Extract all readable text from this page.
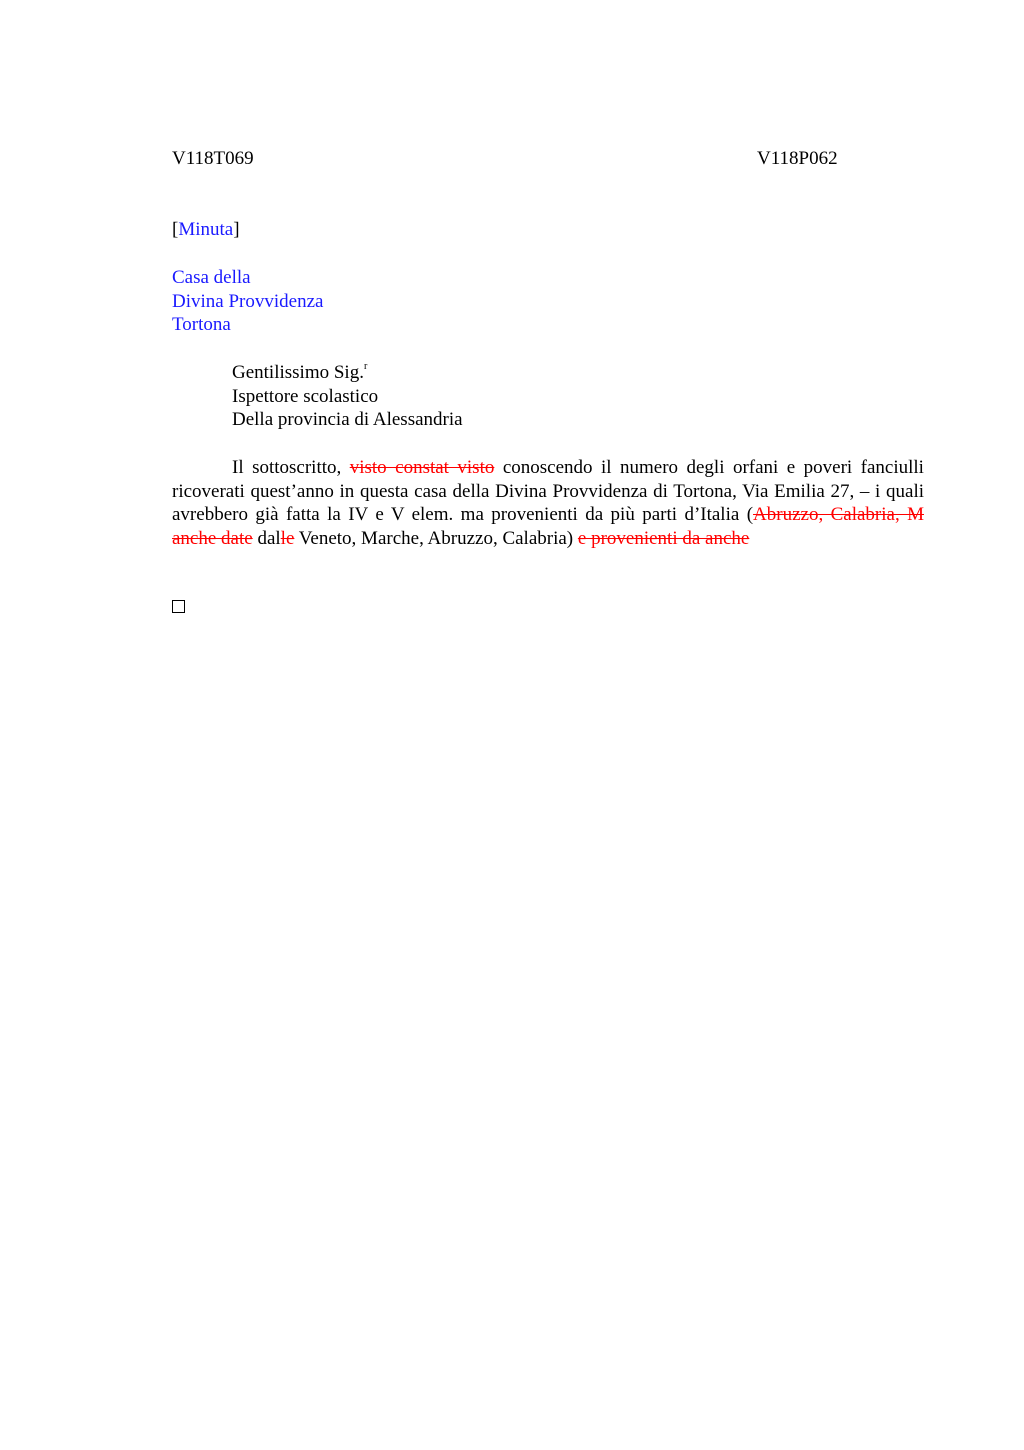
V118T069	V118P062
[Minuta]
Casa della
Divina Provvidenza
Tortona
Gentilissimo Sig.$^r$
Ispettore scolastico
Della provincia di Alessandria

Il sottoscritto, visto constat visto conoscendo il numero degli orfani e poveri fanciulli ricoverati quest’anno in questa casa della Divina Provvidenza di Tortona, Via Emilia 27, – i quali avrebbero già fatta la IV e V elem. ma provenienti da più parti d’Italia (Abruzzo, Calabria, M anche date dalle Veneto, Marche, Abruzzo, Calabria) e provenienti da anche
